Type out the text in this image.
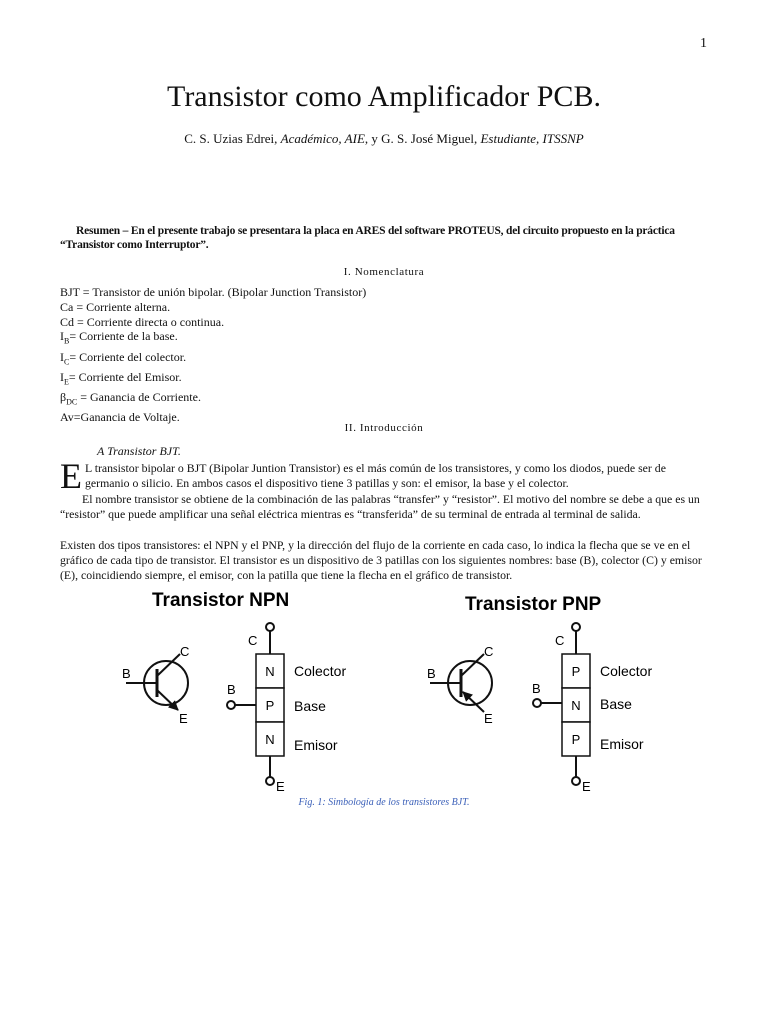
1
Transistor como Amplificador PCB.
C. S. Uzias Edrei, Académico, AIE, y G. S. José Miguel, Estudiante, ITSSNP
Resumen – En el presente trabajo se presentara la placa en ARES del software PROTEUS, del circuito propuesto en la práctica “Transistor como Interruptor”.
I. Nomenclatura
BJT = Transistor de unión bipolar. (Bipolar Junction Transistor)
Ca = Corriente alterna.
Cd = Corriente directa o continua.
$I_B=$ Corriente de la base.
$I_C=$ Corriente del colector.
$I_E=$ Corriente del Emisor.
$\beta_{DC}$ = Ganancia de Corriente.
Av=Ganancia de Voltaje.
II. Introducción
A Transistor BJT.
E L transistor bipolar o BJT (Bipolar Juntion Transistor) es el más común de los transistores, y como los diodos, puede ser de germanio o silicio. En ambos casos el dispositivo tiene 3 patillas y son: el emisor, la base y el colector.
El nombre transistor se obtiene de la combinación de las palabras “transfer” y “resistor”. El motivo del nombre se debe a que es un “resistor” que puede amplificar una señal eléctrica mientras es “transferida” de su terminal de entrada al terminal de salida.
Existen dos tipos transistores: el NPN y el PNP, y la dirección del flujo de la corriente en cada caso, lo indica la flecha que se ve en el gráfico de cada tipo de transistor. El transistor es un dispositivo de 3 patillas con los siguientes nombres: base (B), colector (C) y emisor (E), coincidiendo siempre, el emisor, con la patilla que tiene la flecha en el gráfico de transistor.
Transistor NPN
B
C
E
C
N
P
N
B
E
Colector
Base
Emisor
Transistor PNP
B
C
E
C
P
N
P
B
E
Colector
Base
Emisor
Fig. 1: Simbología de los transistores BJT.
